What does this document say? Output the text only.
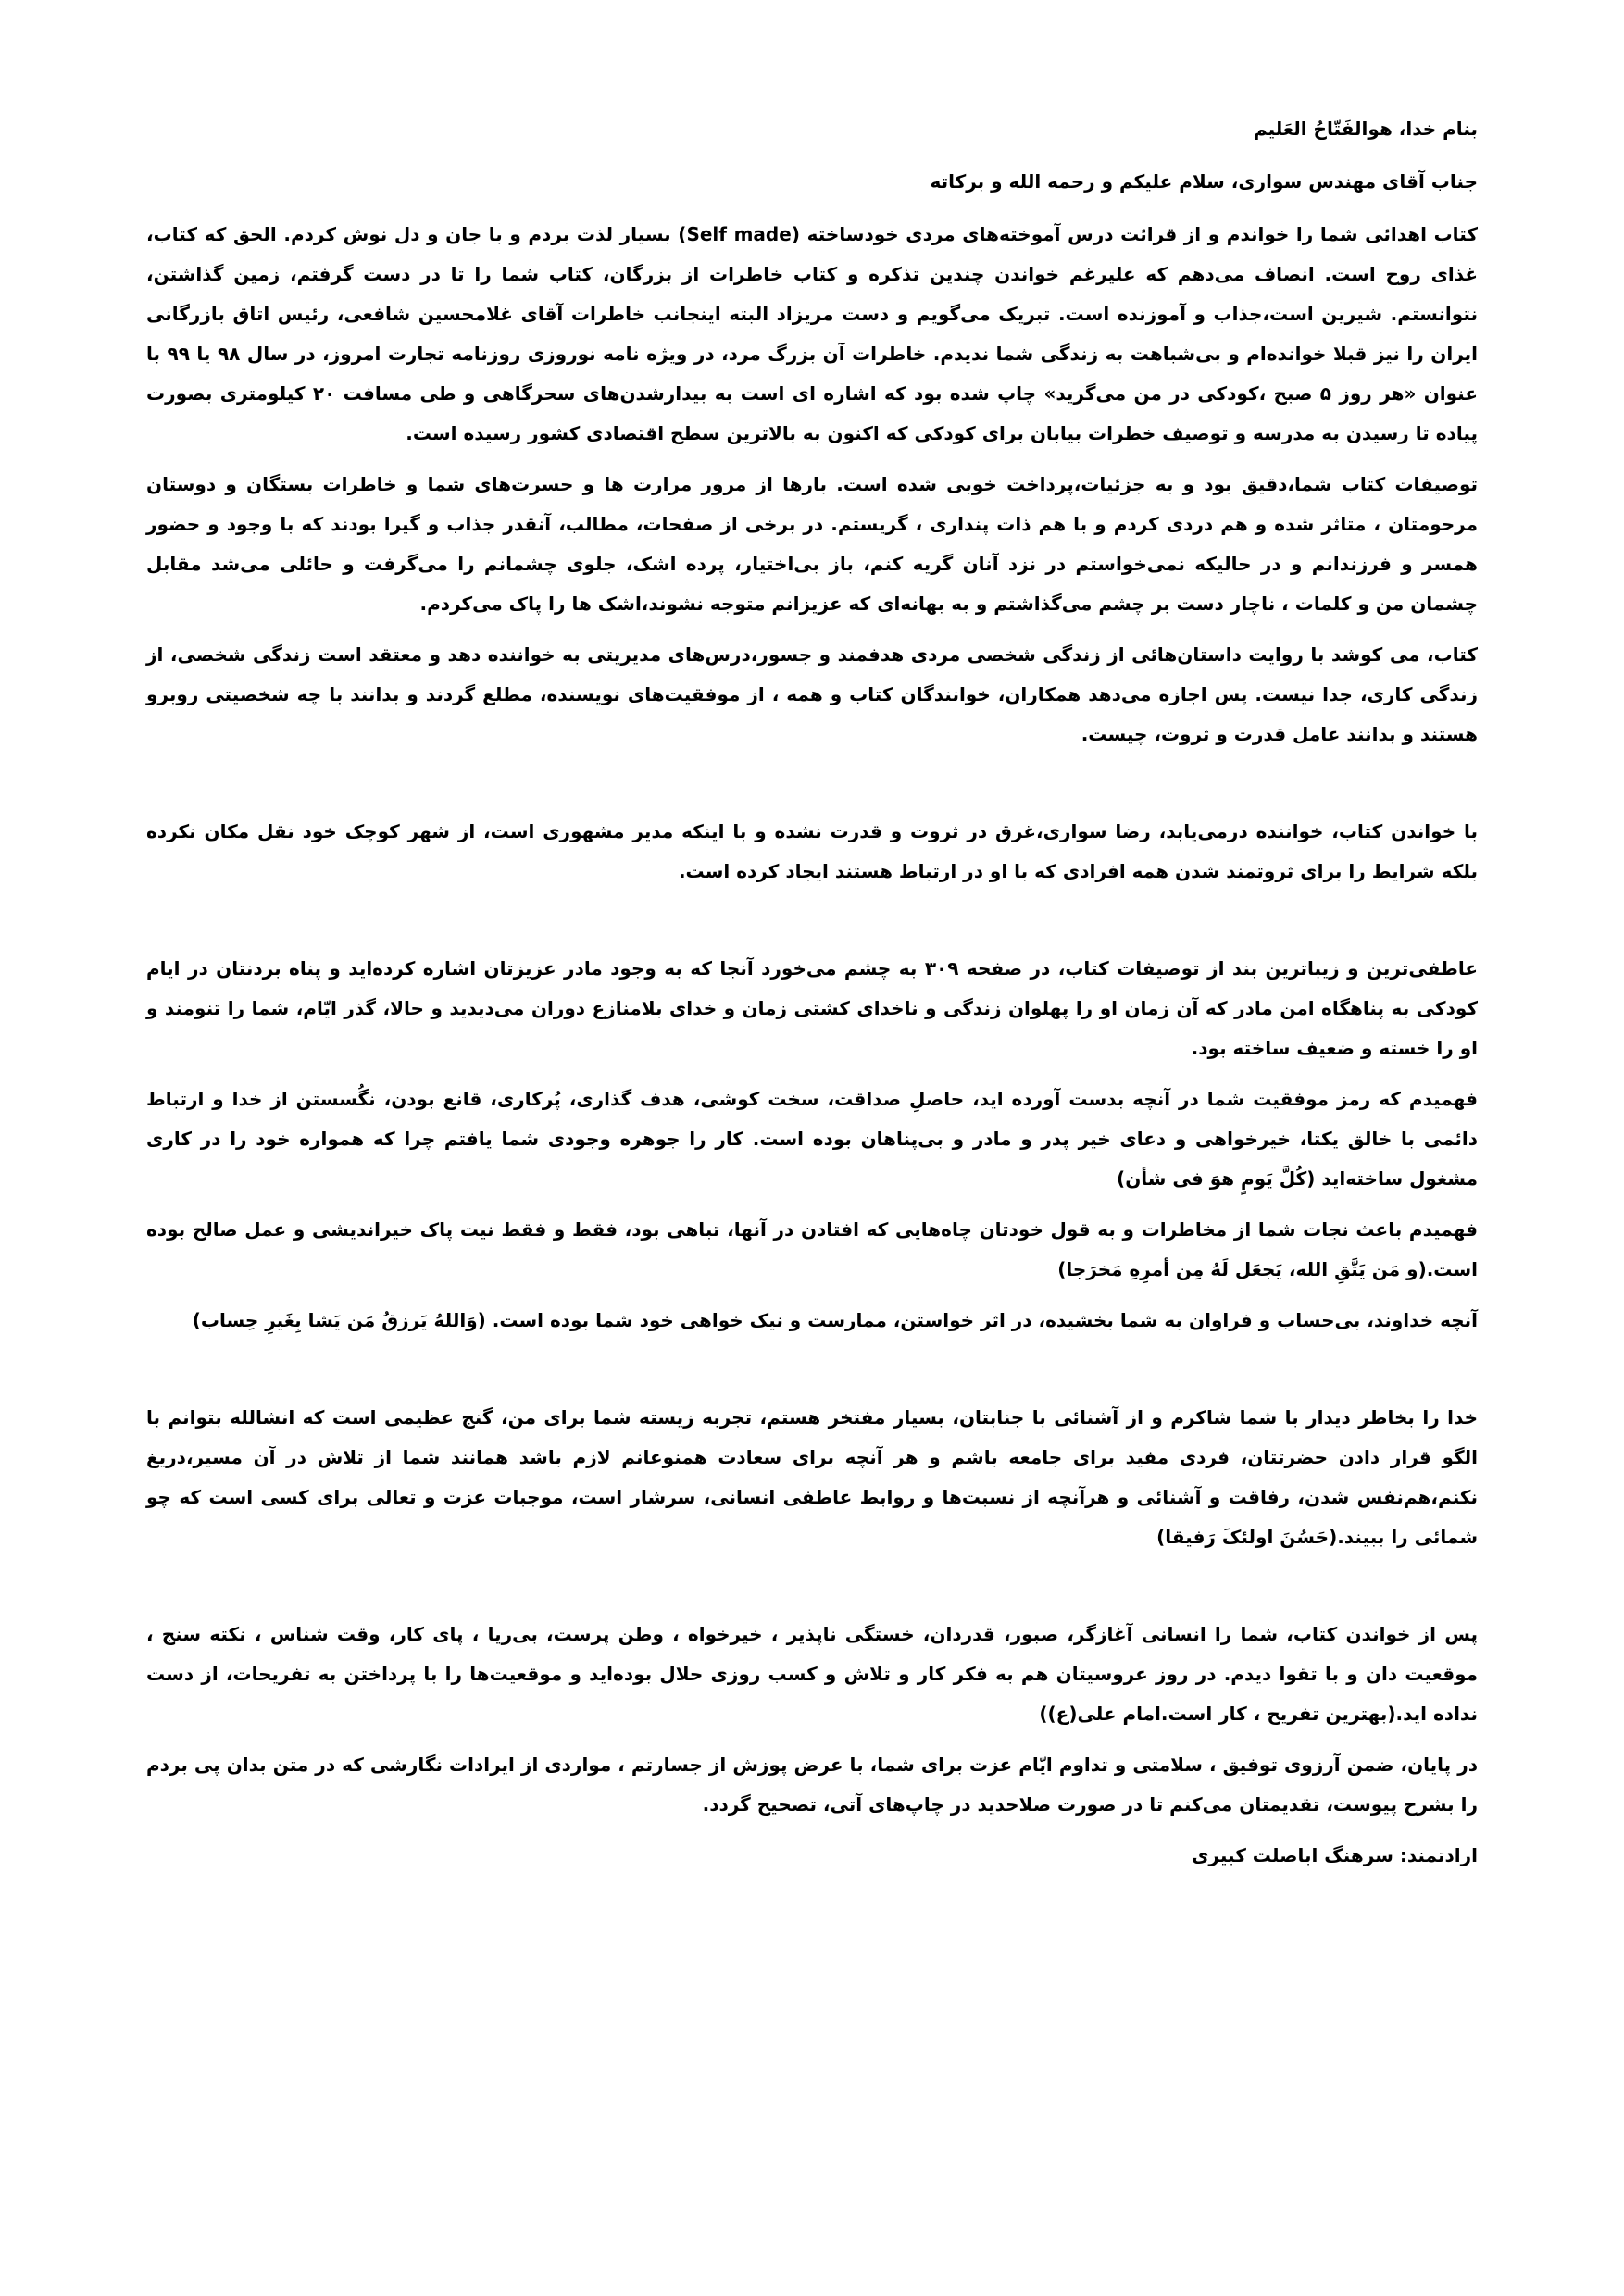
بنام خدا، هوالفَتّاحُ العَلیم

جناب آقای مهندس سواری، سلام علیکم و رحمه الله و برکاته

کتاب اهدائی شما را خواندم و از قرائت درس آموخته‌های مردی خودساخته (Self made) بسیار لذت بردم و با جان و دل نوش کردم. الحق که کتاب، غذای روح است. انصاف می‌دهم که علیرغم خواندن چندین تذکره و کتاب خاطرات از بزرگان، کتاب شما را تا در دست گرفتم، زمین گذاشتن، نتوانستم. شیرین است،جذاب و آموزنده است. تبریک می‌گویم و دست مریزاد البته اینجانب خاطرات آقای غلامحسین شافعی، رئیس اتاق بازرگانی ایران را نیز قبلا خوانده‌ام و بی‌شباهت به زندگی شما ندیدم. خاطرات آن بزرگ مرد، در ویژه نامه نوروزی روزنامه تجارت امروز، در سال ۹۸ یا ۹۹ با عنوان «هر روز ۵ صبح ،کودکی در من می‌گرید» چاپ شده بود که اشاره ای است به بیدارشدن‌های سحرگاهی و طی مسافت ۲۰ کیلومتری بصورت پیاده تا رسیدن به مدرسه و توصیف خطرات بیابان برای کودکی که اکنون به بالاترین سطح اقتصادی کشور رسیده است.

توصیفات کتاب شما،دقیق بود و به جزئیات،پرداخت خوبی شده است. بارها از مرور مرارت ها و حسرت‌های شما و خاطرات بستگان و دوستان مرحومتان ، متاثر شده و هم دردی کردم و با هم ذات پنداری ، گریستم. در برخی از صفحات، مطالب، آنقدر جذاب و گیرا بودند که با وجود و حضور همسر و فرزندانم و در حالیکه نمی‌خواستم در نزد آنان گریه کنم، باز بی‌اختیار، پرده اشک، جلوی چشمانم را می‌گرفت و حائلی می‌شد مقابل چشمان من و کلمات ، ناچار دست بر چشم می‌گذاشتم و به بهانه‌ای که عزیزانم متوجه نشوند،اشک ها را پاک می‌کردم.

کتاب، می کوشد با روایت داستان‌هائی از زندگی شخصی مردی هدفمند و جسور،درس‌های مدیریتی به خواننده دهد و معتقد است زندگی شخصی، از زندگی کاری، جدا نیست. پس اجازه می‌دهد همکاران، خوانندگان کتاب و همه ، از موفقیت‌های نویسنده، مطلع گردند و بدانند با چه شخصیتی روبرو هستند و بدانند عامل قدرت و ثروت، چیست.

با خواندن کتاب، خواننده درمی‌یابد، رضا سواری،غرق در ثروت و قدرت نشده و با اینکه مدیر مشهوری است، از شهر کوچک خود نقل مکان نکرده بلکه شرایط را برای ثروتمند شدن همه افرادی که با او در ارتباط هستند ایجاد کرده است.

عاطفی‌ترین و زیباترین بند از توصیفات کتاب، در صفحه ۳۰۹ به چشم می‌خورد آنجا که به وجود مادر عزیزتان اشاره کرده‌اید و پناه بردنتان در ایام کودکی به پناهگاه امن مادر که آن زمان او را پهلوان زندگی و ناخدای کشتی زمان و خدای بلامنازع دوران می‌دیدید و حالا، گذر ایّام، شما را تنومند و او را خسته و ضعیف ساخته بود.

فهمیدم که رمز موفقیت شما در آنچه بدست آورده اید، حاصلِ صداقت، سخت کوشی، هدف گذاری، پُرکاری، قانع بودن، نگُسستن از خدا و ارتباط دائمی با خالق یکتا، خیرخواهی و دعای خیر پدر و مادر و بی‌پناهان بوده است. کار را جوهره وجودی شما یافتم چرا که همواره خود را در کاری مشغول ساخته‌اید (کُلَّ یَومٍ هوَ فی شأن)

فهمیدم باعث نجات شما از مخاطرات و به قول خودتان چاه‌هایی که افتادن در آنها، تباهی بود، فقط و فقط نیت پاک خیراندیشی و عمل صالح بوده است.(و مَن یَتَّقِ الله، یَجعَل لَهُ مِن أمرِهِ مَخرَجا)

آنچه خداوند، بی‌حساب و فراوان به شما بخشیده، در اثر خواستن، ممارست و نیک خواهی خود شما بوده است. (وَاللهُ یَرزقُ مَن یَشا بِغَیرِ حِساب)

خدا را بخاطر دیدار با شما شاکرم و از آشنائی با جنابتان، بسیار مفتخر هستم، تجربه زیسته شما برای من، گنج عظیمی است که انشالله بتوانم با الگو قرار دادن حضرتتان، فردی مفید برای جامعه باشم و هر آنچه برای سعادت همنوعانم لازم باشد همانند شما از تلاش در آن مسیر،دریغ نکنم،هم‌نفس شدن، رفاقت و آشنائی و هرآنچه از نسبت‌ها و روابط عاطفی انسانی، سرشار است، موجبات عزت و تعالی برای کسی است که چو شمائی را ببیند.(حَسُنَ اولئکَ رَفیقا)

پس از خواندن کتاب، شما را انسانی آغازگر، صبور، قدردان، خستگی ناپذیر ، خیرخواه ، وطن پرست، بی‌ریا ، پای کار، وقت شناس ، نکته سنج ، موقعیت دان و با تقوا دیدم. در روز عروسیتان هم به فکر کار و تلاش و کسب روزی حلال بوده‌اید و موقعیت‌ها را با پرداختن به تفریحات، از دست نداده اید.(بهترین تفریح ، کار است.امام علی(ع))

در پایان، ضمن آرزوی توفیق ، سلامتی و تداوم ایّام عزت برای شما، با عرض پوزش از جسارتم ، مواردی از ایرادات نگارشی که در متن بدان پی بردم را بشرح پیوست، تقدیمتان می‌کنم تا در صورت صلاحدید در چاپ‌های آتی، تصحیح گردد.

ارادتمند: سرهنگ اباصلت کبیری
